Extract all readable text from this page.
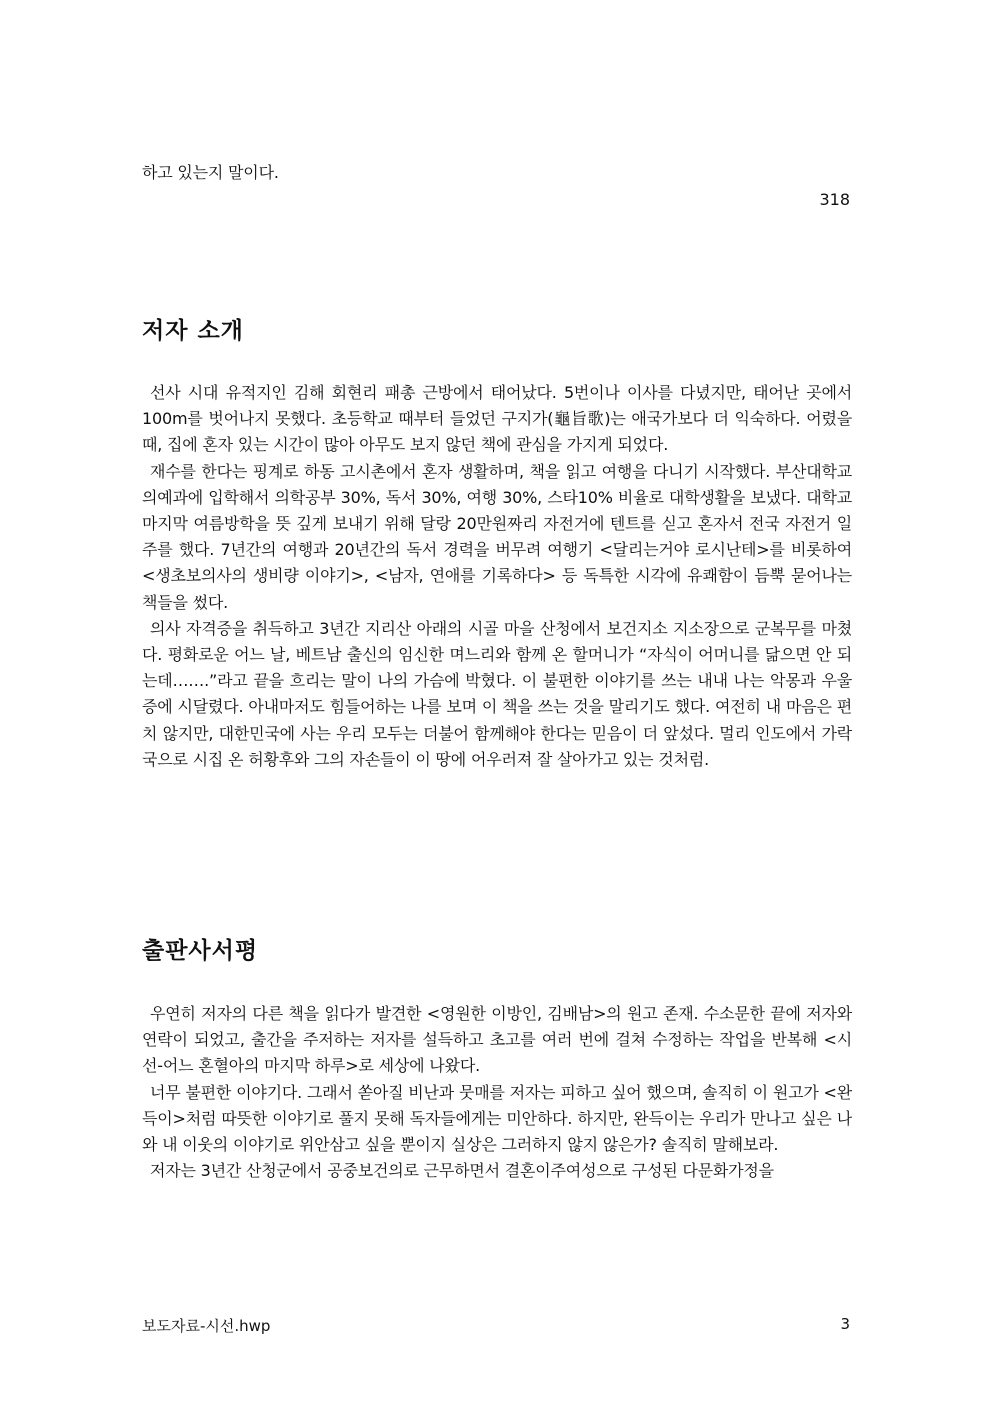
하고 있는지 말이다.
318
저자 소개

선사 시대 유적지인 김해 회현리 패총 근방에서 태어났다. 5번이나 이사를 다녔지만, 태어난 곳에서 100m를 벗어나지 못했다. 초등학교 때부터 들었던 구지가(龜旨歌)는 애국가보다 더 익숙하다. 어렸을 때, 집에 혼자 있는 시간이 많아 아무도 보지 않던 책에 관심을 가지게 되었다.

재수를 한다는 핑계로 하동 고시촌에서 혼자 생활하며, 책을 읽고 여행을 다니기 시작했다. 부산대학교 의예과에 입학해서 의학공부 30%, 독서 30%, 여행 30%, 스타10% 비율로 대학생활을 보냈다. 대학교 마지막 여름방학을 뜻 깊게 보내기 위해 달랑 20만원짜리 자전거에 텐트를 싣고 혼자서 전국 자전거 일주를 했다. 7년간의 여행과 20년간의 독서 경력을 버무려 여행기 <달리는거야 로시난테>를 비롯하여 <생초보의사의 생비량 이야기>, <남자, 연애를 기록하다> 등 독특한 시각에 유쾌함이 듬뿍 묻어나는 책들을 썼다.

의사 자격증을 취득하고 3년간 지리산 아래의 시골 마을 산청에서 보건지소 지소장으로 군복무를 마쳤다. 평화로운 어느 날, 베트남 출신의 임신한 며느리와 함께 온 할머니가 “자식이 어머니를 닮으면 안 되는데…….”라고 끝을 흐리는 말이 나의 가슴에 박혔다. 이 불편한 이야기를 쓰는 내내 나는 악몽과 우울증에 시달렸다. 아내마저도 힘들어하는 나를 보며 이 책을 쓰는 것을 말리기도 했다. 여전히 내 마음은 편치 않지만, 대한민국에 사는 우리 모두는 더불어 함께해야 한다는 믿음이 더 앞섰다. 멀리 인도에서 가락국으로 시집 온 허황후와 그의 자손들이 이 땅에 어우러져 잘 살아가고 있는 것처럼.

출판사서평

우연히 저자의 다른 책을 읽다가 발견한 <영원한 이방인, 김배남>의 원고 존재. 수소문한 끝에 저자와 연락이 되었고, 출간을 주저하는 저자를 설득하고 초고를 여러 번에 걸쳐 수정하는 작업을 반복해 <시선-어느 혼혈아의 마지막 하루>로 세상에 나왔다.

너무 불편한 이야기다. 그래서 쏟아질 비난과 뭇매를 저자는 피하고 싶어 했으며, 솔직히 이 원고가 <완득이>처럼 따뜻한 이야기로 풀지 못해 독자들에게는 미안하다. 하지만, 완득이는 우리가 만나고 싶은 나와 내 이웃의 이야기로 위안삼고 싶을 뿐이지 실상은 그러하지 않지 않은가? 솔직히 말해보라.

저자는 3년간 산청군에서 공중보건의로 근무하면서 결혼이주여성으로 구성된 다문화가정을

보도자료-시선.hwp	3
